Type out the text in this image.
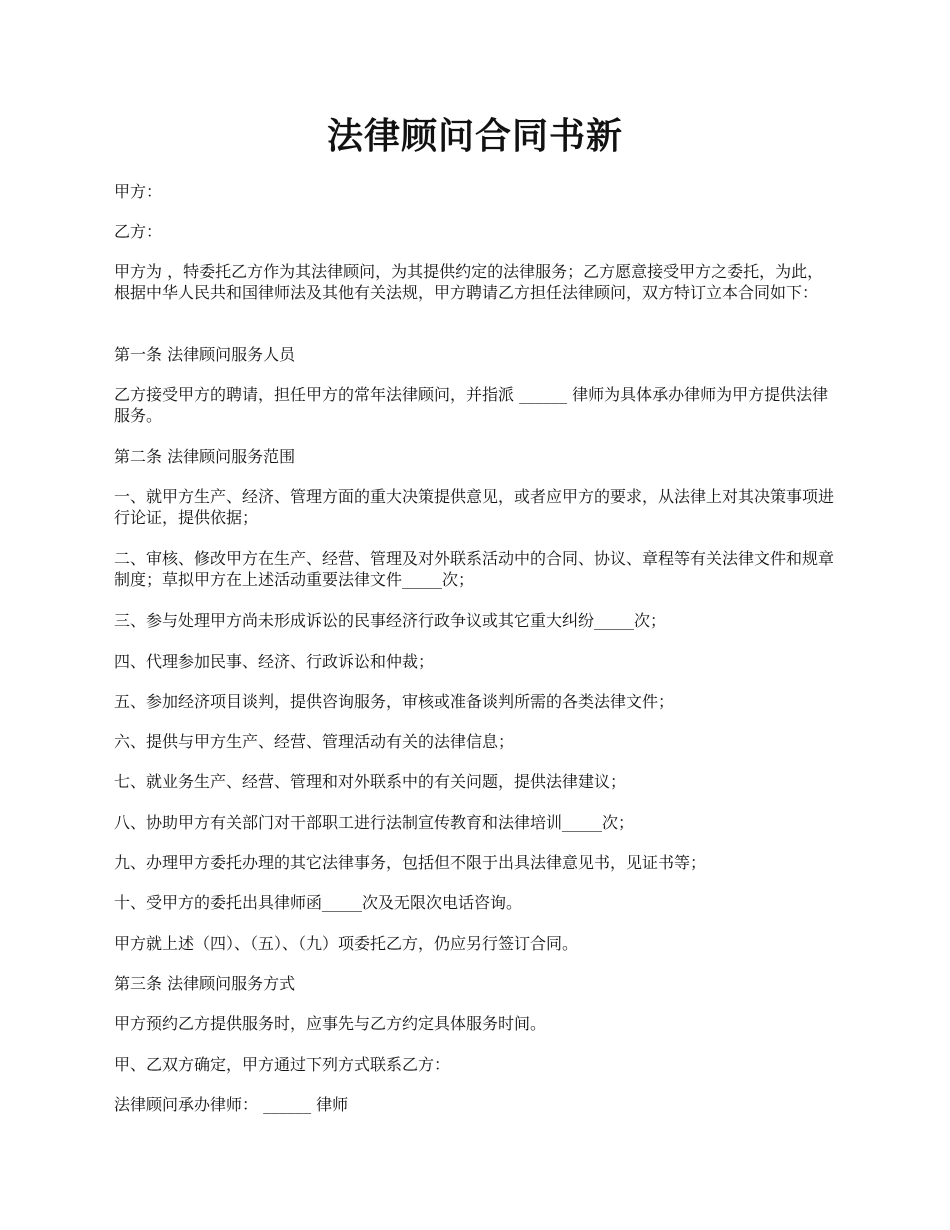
法律顾问合同书新

甲方：

乙方：

甲方为 ，特委托乙方作为其法律顾问，为其提供约定的法律服务；乙方愿意接受甲方之委托，为此，根据中华人民共和国律师法及其他有关法规，甲方聘请乙方担任法律顾问，双方特订立本合同如下：

第一条 法律顾问服务人员

乙方接受甲方的聘请，担任甲方的常年法律顾问，并指派 ______ 律师为具体承办律师为甲方提供法律服务。

第二条 法律顾问服务范围

一、就甲方生产、经济、管理方面的重大决策提供意见，或者应甲方的要求，从法律上对其决策事项进行论证，提供依据；

二、审核、修改甲方在生产、经营、管理及对外联系活动中的合同、协议、章程等有关法律文件和规章制度；草拟甲方在上述活动重要法律文件_____次；

三、参与处理甲方尚未形成诉讼的民事经济行政争议或其它重大纠纷_____次；

四、代理参加民事、经济、行政诉讼和仲裁；

五、参加经济项目谈判，提供咨询服务，审核或准备谈判所需的各类法律文件；

六、提供与甲方生产、经营、管理活动有关的法律信息；

七、就业务生产、经营、管理和对外联系中的有关问题，提供法律建议；

八、协助甲方有关部门对干部职工进行法制宣传教育和法律培训_____次；

九、办理甲方委托办理的其它法律事务，包括但不限于出具法律意见书，见证书等；

十、受甲方的委托出具律师函_____次及无限次电话咨询。

甲方就上述（四）、（五）、（九）项委托乙方，仍应另行签订合同。

第三条 法律顾问服务方式

甲方预约乙方提供服务时，应事先与乙方约定具体服务时间。

甲、乙双方确定，甲方通过下列方式联系乙方：

法律顾问承办律师： ______ 律师
